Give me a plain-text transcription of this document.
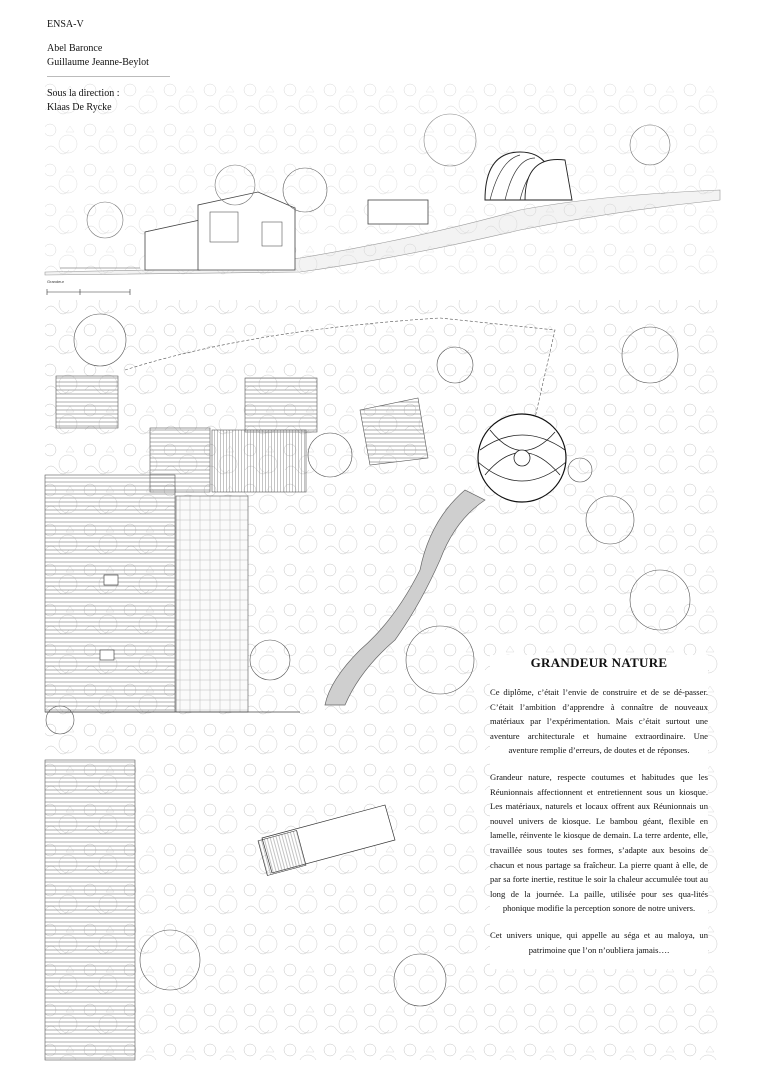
Grandeur
ENSA-V
Abel Baronce
Guillaume Jeanne-Beylot
Sous la direction :
Klaas De Rycke
GRANDEUR NATURE

Ce diplôme, c’était l’envie de construire et de se dé-passer. C’était l’ambition d’apprendre à connaître de nouveaux matériaux par l’expérimentation. Mais c’était surtout une aventure architecturale et humaine extraordinaire. Une aventure remplie d’erreurs, de doutes et de réponses.

Grandeur nature, respecte coutumes et habitudes que les Réunionnais affectionnent et entretiennent sous un kiosque. Les matériaux, naturels et locaux offrent aux Réunionnais un nouvel univers de kiosque. Le bambou géant, flexible en lamelle, réinvente le kiosque de demain. La terre ardente, elle, travaillée sous toutes ses formes, s’adapte aux besoins de chacun et nous partage sa fraîcheur. La pierre quant à elle, de par sa forte inertie, restitue le soir la chaleur accumulée tout au long de la journée. La paille, utilisée pour ses qua-lités phonique modifie la perception sonore de notre univers.

Cet univers unique, qui appelle au séga et au maloya, un patrimoine que l’on n’oubliera jamais….
